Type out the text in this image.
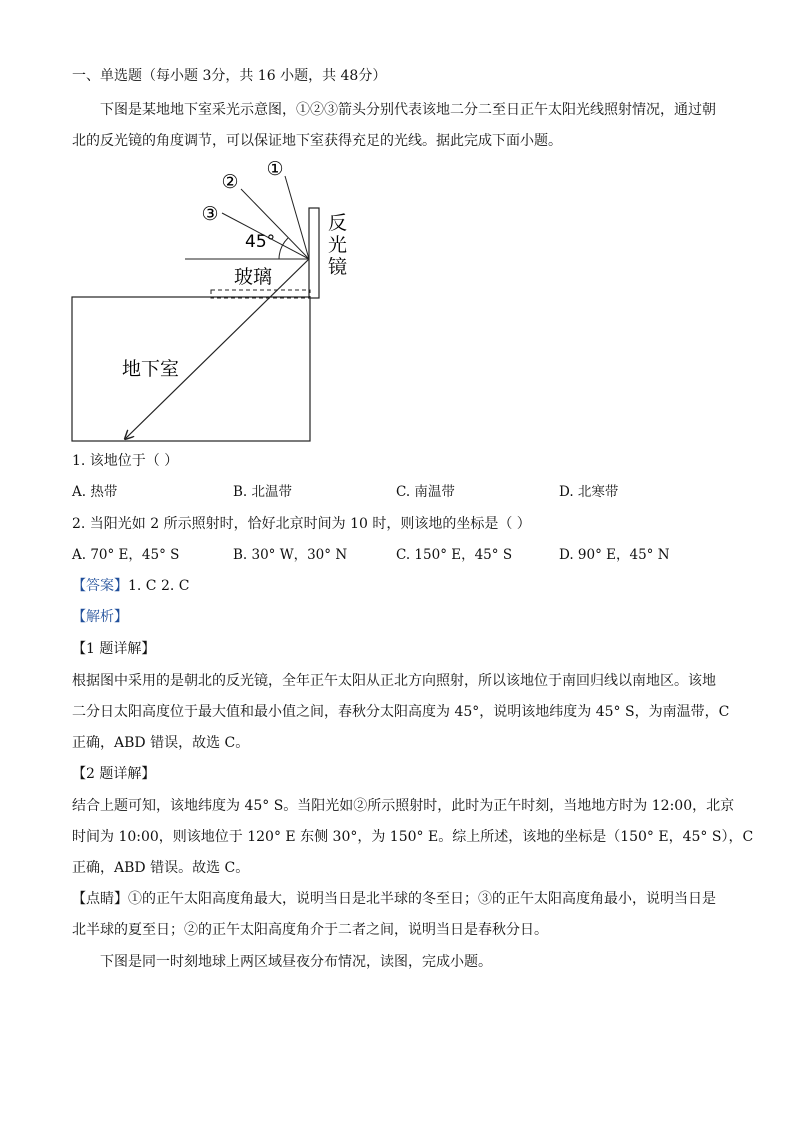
一、单选题（每小题 3分，共 16 小题，共 48分）
下图是某地地下室采光示意图，①②③箭头分别代表该地二分二至日正午太阳光线照射情况，通过朝
北的反光镜的角度调节，可以保证地下室获得充足的光线。据此完成下面小题。
①
②
③
45°
反
光
镜
玻璃
地下室
1. 该地位于（ ）
A. 热带	B. 北温带	C. 南温带	D. 北寒带
2. 当阳光如 2 所示照射时，恰好北京时间为 10 时，则该地的坐标是（ ）
A. 70° E，45° S	B. 30° W，30° N	C. 150° E，45° S	D. 90° E，45° N
【答案】1. C 2. C
【解析】
【1 题详解】
根据图中采用的是朝北的反光镜，全年正午太阳从正北方向照射，所以该地位于南回归线以南地区。该地
二分日太阳高度位于最大值和最小值之间，春秋分太阳高度为 45°，说明该地纬度为 45° S，为南温带，C
正确，ABD 错误，故选 C。
【2 题详解】
结合上题可知，该地纬度为 45° S。当阳光如②所示照射时，此时为正午时刻，当地地方时为 12:00，北京
时间为 10:00，则该地位于 120° E 东侧 30°，为 150° E。综上所述，该地的坐标是（150° E，45° S），C
正确，ABD 错误。故选 C。
【点睛】①的正午太阳高度角最大，说明当日是北半球的冬至日；③的正午太阳高度角最小，说明当日是
北半球的夏至日；②的正午太阳高度角介于二者之间，说明当日是春秋分日。
下图是同一时刻地球上两区域昼夜分布情况，读图，完成小题。
